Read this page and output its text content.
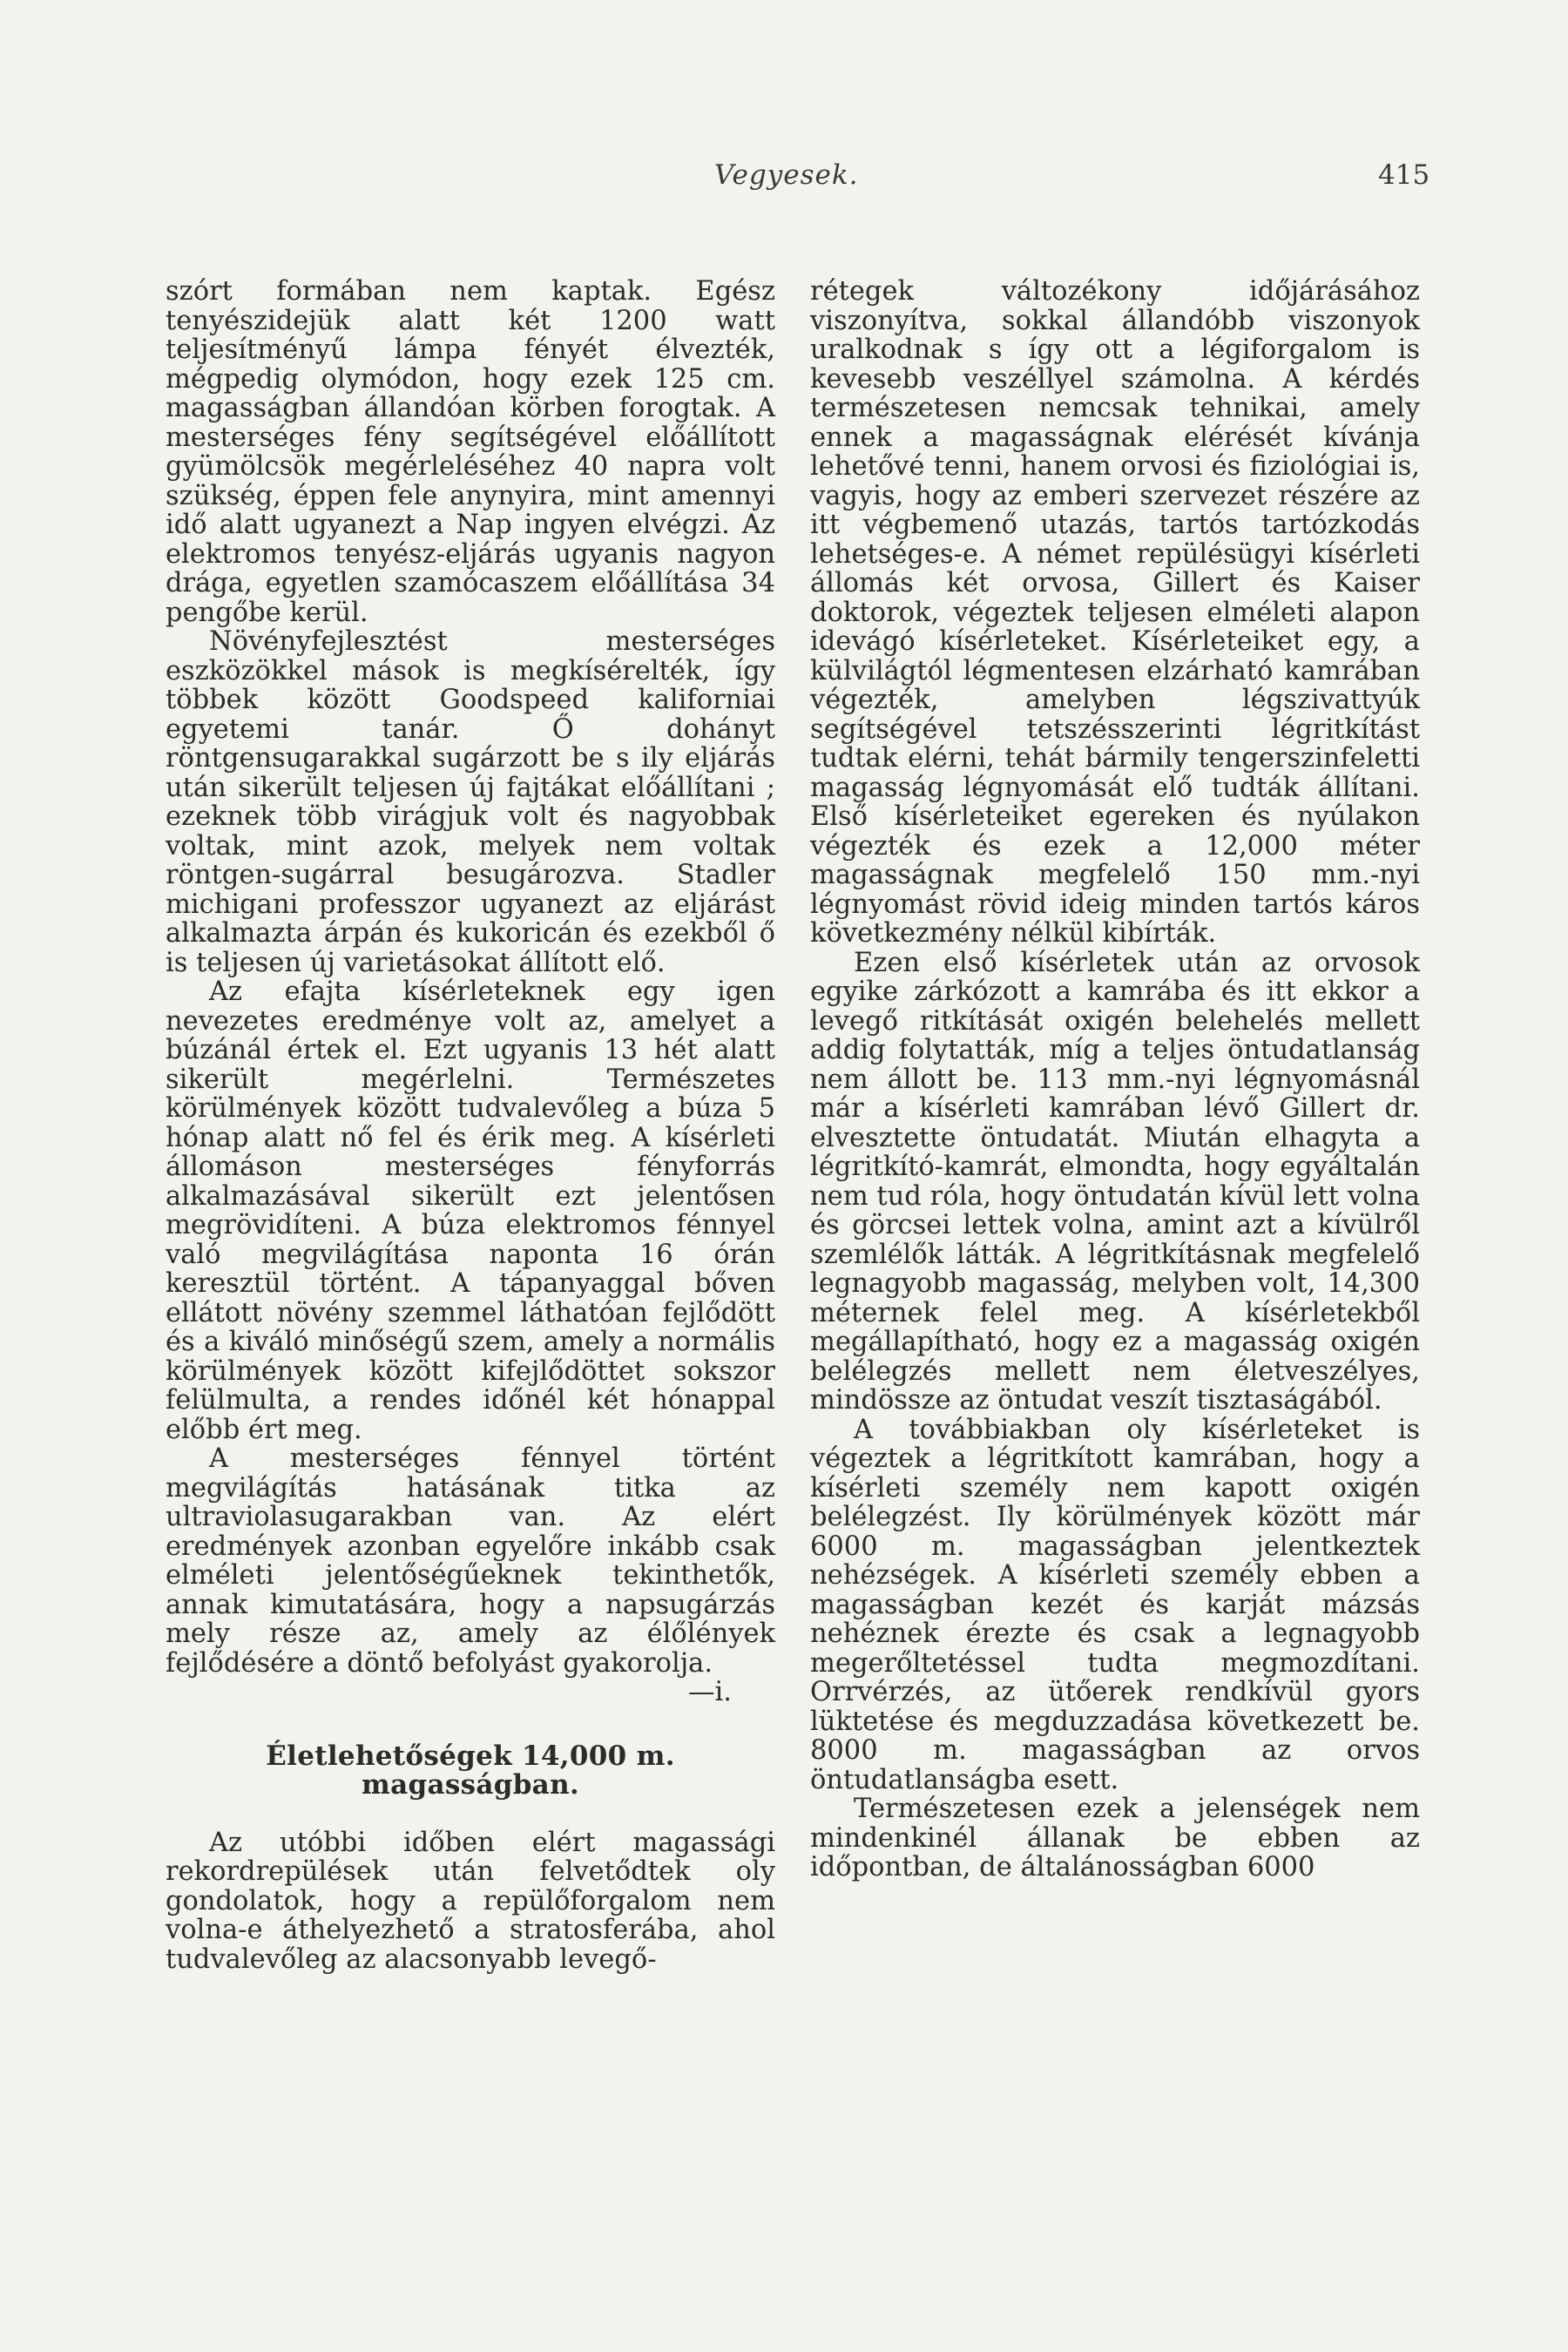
Vegyesek.	415

szórt formában nem kaptak. Egész tenyészidejük alatt két 1200 watt teljesítményű lámpa fényét élvezték, mégpedig olymódon, hogy ezek 125 cm. magasságban állandóan körben forogtak. A mesterséges fény segítségével előállított gyümölcsök megérleléséhez 40 napra volt szükség, éppen fele anynyira, mint amennyi idő alatt ugyanezt a Nap ingyen elvégzi. Az elektromos tenyész-eljárás ugyanis nagyon drága, egyetlen szamócaszem előállítása 34 pengőbe kerül.

Növényfejlesztést mesterséges eszközökkel mások is megkísérelték, így többek között Goodspeed kaliforniai egyetemi tanár. Ő dohányt röntgensugarakkal sugárzott be s ily eljárás után sikerült teljesen új fajtákat előállítani ; ezeknek több virágjuk volt és nagyobbak voltak, mint azok, melyek nem voltak röntgen-sugárral besugározva. Stadler michigani professzor ugyanezt az eljárást alkalmazta árpán és kukoricán és ezekből ő is teljesen új varietásokat állított elő.

Az efajta kísérleteknek egy igen nevezetes eredménye volt az, amelyet a búzánál értek el. Ezt ugyanis 13 hét alatt sikerült megérlelni. Természetes körülmények között tudvalevőleg a búza 5 hónap alatt nő fel és érik meg. A kísérleti állomáson mesterséges fényforrás alkalmazásával sikerült ezt jelentősen megrövidíteni. A búza elektromos fénnyel való megvilágítása naponta 16 órán keresztül történt. A tápanyaggal bőven ellátott növény szemmel láthatóan fejlődött és a kiváló minőségű szem, amely a normális körülmények között kifejlődöttet sokszor felülmulta, a rendes időnél két hónappal előbb ért meg.

A mesterséges fénnyel történt megvilágítás hatásának titka az ultraviolasugarakban van. Az elért eredmények azonban egyelőre inkább csak elméleti jelentőségűeknek tekinthetők, annak kimutatására, hogy a napsugárzás mely része az, amely az élőlények fejlődésére a döntő befolyást gyakorolja.

—i.

Életlehetőségek 14,000 m. magasságban.

Az utóbbi időben elért magassági rekordrepülések után felvetődtek oly gondolatok, hogy a repülőforgalom nem volna-e áthelyezhető a stratosferába, ahol tudvalevőleg az alacsonyabb levegő-

rétegek változékony időjárásához viszonyítva, sokkal állandóbb viszonyok uralkodnak s így ott a légiforgalom is kevesebb veszéllyel számolna. A kérdés természetesen nemcsak tehnikai, amely ennek a magasságnak elérését kívánja lehetővé tenni, hanem orvosi és fiziológiai is, vagyis, hogy az emberi szervezet részére az itt végbemenő utazás, tartós tartózkodás lehetséges-e. A német repülésügyi kísérleti állomás két orvosa, Gillert és Kaiser doktorok, végeztek teljesen elméleti alapon idevágó kísérleteket. Kísérleteiket egy, a külvilágtól légmentesen elzárható kamrában végezték, amelyben légszivattyúk segítségével tetszésszerinti légritkítást tudtak elérni, tehát bármily tengerszinfeletti magasság légnyomását elő tudták állítani. Első kísérleteiket egereken és nyúlakon végezték és ezek a 12,000 méter magasságnak megfelelő 150 mm.-nyi légnyomást rövid ideig minden tartós káros következmény nélkül kibírták.

Ezen első kísérletek után az orvosok egyike zárkózott a kamrába és itt ekkor a levegő ritkítását oxigén belehelés mellett addig folytatták, míg a teljes öntudatlanság nem állott be. 113 mm.-nyi légnyomásnál már a kísérleti kamrában lévő Gillert dr. elvesztette öntudatát. Miután elhagyta a légritkító-kamrát, elmondta, hogy egyáltalán nem tud róla, hogy öntudatán kívül lett volna és görcsei lettek volna, amint azt a kívülről szemlélők látták. A légritkításnak megfelelő legnagyobb magasság, melyben volt, 14,300 méternek felel meg. A kísérletekből megállapítható, hogy ez a magasság oxigén belélegzés mellett nem életveszélyes, mindössze az öntudat veszít tisztaságából.

A továbbiakban oly kísérleteket is végeztek a légritkított kamrában, hogy a kísérleti személy nem kapott oxigén belélegzést. Ily körülmények között már 6000 m. magasságban jelentkeztek nehézségek. A kísérleti személy ebben a magasságban kezét és karját mázsás nehéznek érezte és csak a legnagyobb megerőltetéssel tudta megmozdítani. Orrvérzés, az ütőerek rendkívül gyors lüktetése és megduzzadása következett be. 8000 m. magasságban az orvos öntudatlanságba esett.

Természetesen ezek a jelenségek nem mindenkinél állanak be ebben az időpontban, de általánosságban 6000
